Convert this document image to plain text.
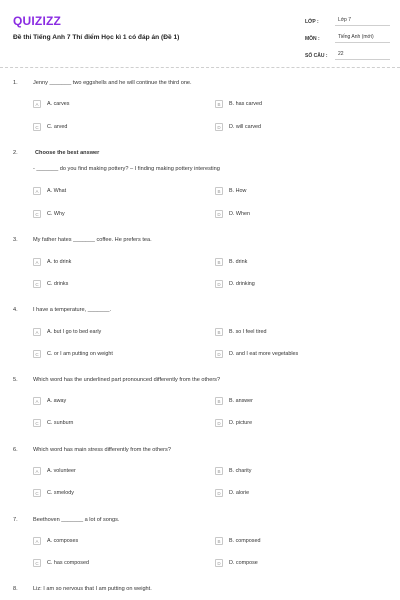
QUIZIZZ
Đề thi Tiếng Anh 7 Thí điểm Học kì 1 có đáp án (Đề 1)
LỚP :	Lớp 7
MÔN :	Tiếng Anh (mới)
SỐ CÂU :	22
1.	Jenny _______ two eggshells and he will continue the third one.
A	A. carves	B	B. has carved
C	C. arved	D	D. will carved
2.	Choose the best answer
- _______ do you find making pottery? – I finding making pottery interesting
A	A. What	B	B. How
C	C. Why	D	D. When
3.	My father hates _______ coffee. He prefers tea.
A	A. to drink	B	B. drink
C	C. drinks	D	D. drinking
4.	I have a temperature, _______.
A	A. but I go to bed early	B	B. so I feel tired
C	C. or I am putting on weight	D	D. and I eat more vegetables
5.	Which word has the underlined part pronounced differently from the others?
A	A. away	B	B. answer
C	C. sunburn	D	D. picture
6.	Which word has main stress differently from the others?
A	A. volunteer	B	B. charity
C	C. smelody	D	D. alorie
7.	Beethoven _______ a lot of songs.
A	A. composes	B	B. composed
C	C. has composed	D	D. compose
8.	Liz: I am so nervous that I am putting on weight.
